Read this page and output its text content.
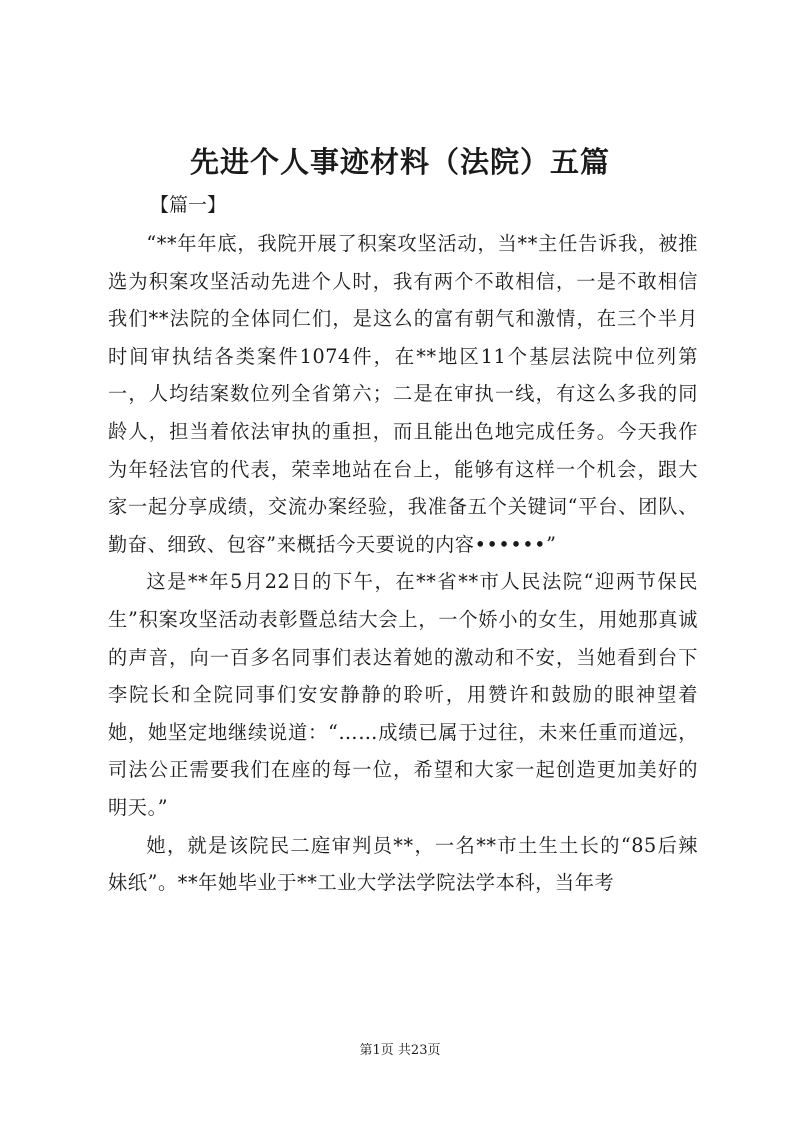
先进个人事迹材料（法院）五篇

【篇一】

“**年年底，我院开展了积案攻坚活动，当**主任告诉我，被推选为积案攻坚活动先进个人时，我有两个不敢相信，一是不敢相信我们**法院的全体同仁们，是这么的富有朝气和激情，在三个半月时间审执结各类案件1074件，在**地区11个基层法院中位列第一，人均结案数位列全省第六；二是在审执一线，有这么多我的同龄人，担当着依法审执的重担，而且能出色地完成任务。今天我作为年轻法官的代表，荣幸地站在台上，能够有这样一个机会，跟大家一起分享成绩，交流办案经验，我准备五个关键词“平台、团队、勤奋、细致、包容”来概括今天要说的内容••••••”

这是**年5月22日的下午，在**省**市人民法院“迎两节保民生”积案攻坚活动表彰暨总结大会上，一个娇小的女生，用她那真诚的声音，向一百多名同事们表达着她的激动和不安，当她看到台下李院长和全院同事们安安静静的聆听，用赞许和鼓励的眼神望着她，她坚定地继续说道：“……成绩已属于过往，未来任重而道远，司法公正需要我们在座的每一位，希望和大家一起创造更加美好的明天。”

她，就是该院民二庭审判员**，一名**市土生土长的“85后辣妹纸”。**年她毕业于**工业大学法学院法学本科，当年考

第1页 共23页
